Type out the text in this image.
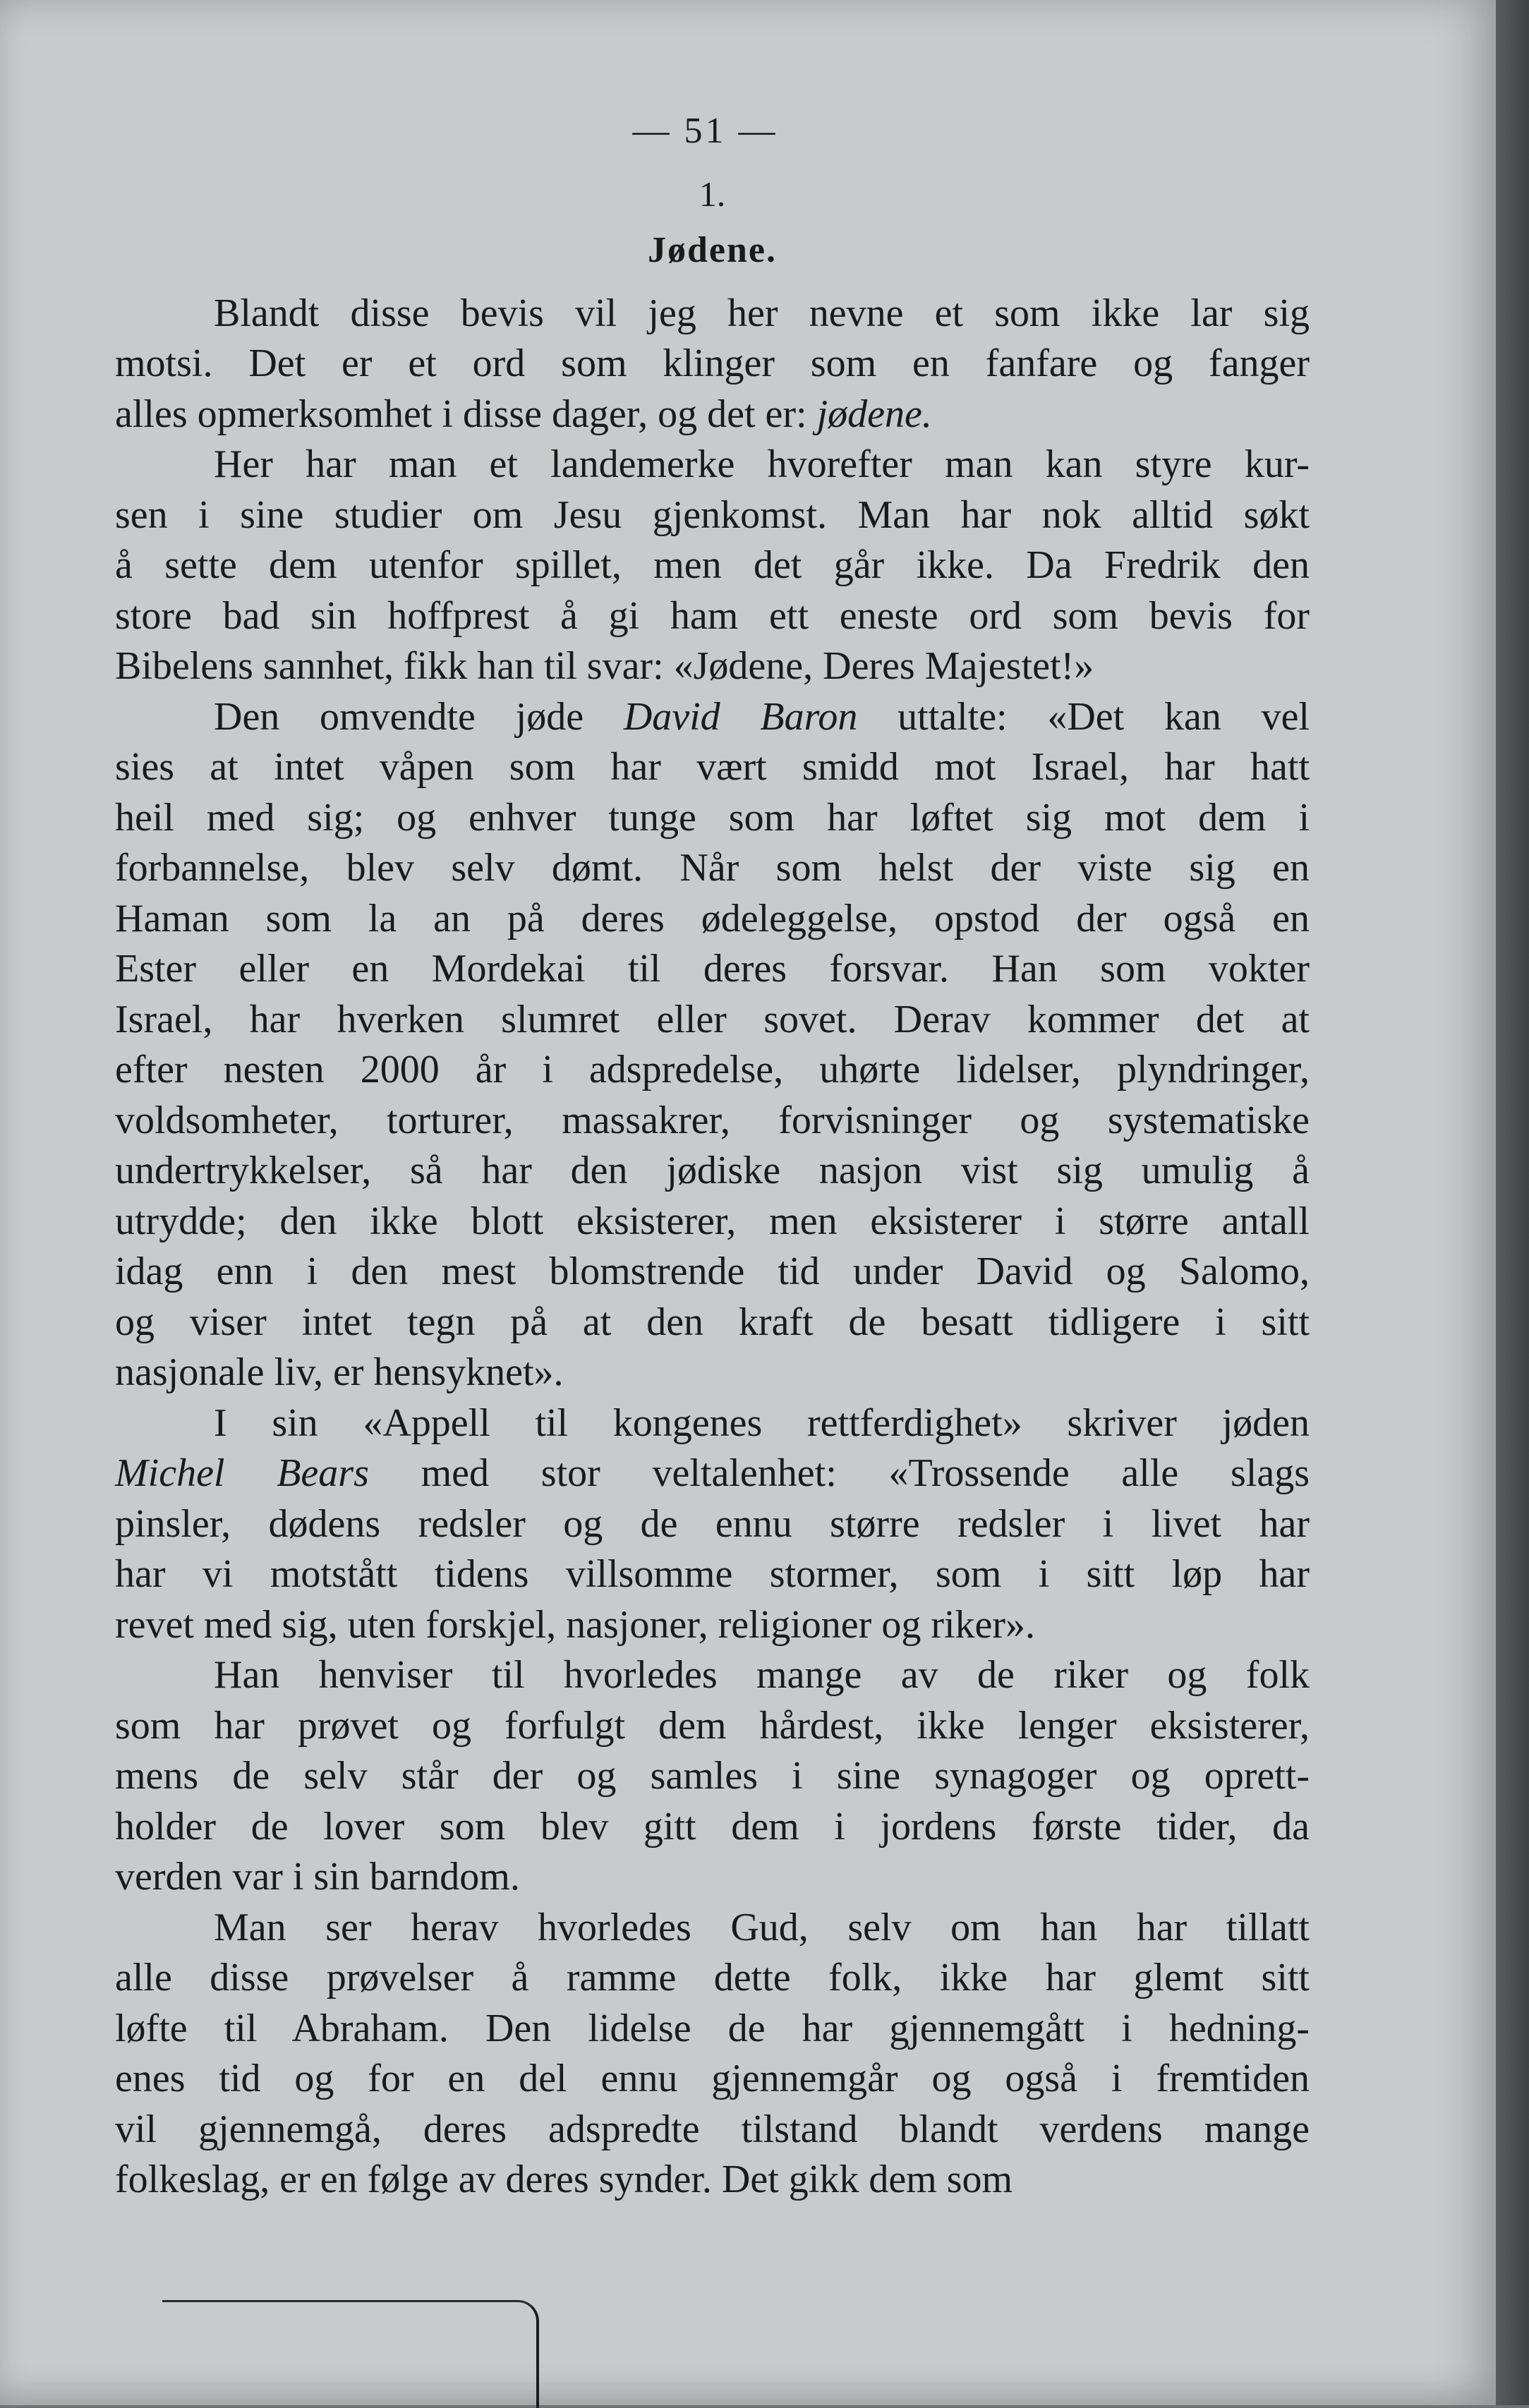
— 51 —
1.
Jødene.
Blandt disse bevis vil jeg her nevne et som ikke lar sig
motsi. Det er et ord som klinger som en fanfare og fanger
alles opmerksomhet i disse dager, og det er: jødene.
Her har man et landemerke hvorefter man kan styre kur-
sen i sine studier om Jesu gjenkomst. Man har nok alltid søkt
å sette dem utenfor spillet, men det går ikke. Da Fredrik den
store bad sin hoffprest å gi ham ett eneste ord som bevis for
Bibelens sannhet, fikk han til svar: «Jødene, Deres Majestet!»
Den omvendte jøde David Baron uttalte: «Det kan vel
sies at intet våpen som har vært smidd mot Israel, har hatt
heil med sig; og enhver tunge som har løftet sig mot dem i
forbannelse, blev selv dømt. Når som helst der viste sig en
Haman som la an på deres ødeleggelse, opstod der også en
Ester eller en Mordekai til deres forsvar. Han som vokter
Israel, har hverken slumret eller sovet. Derav kommer det at
efter nesten 2000 år i adspredelse, uhørte lidelser, plyndringer,
voldsomheter, torturer, massakrer, forvisninger og systematiske
undertrykkelser, så har den jødiske nasjon vist sig umulig å
utrydde; den ikke blott eksisterer, men eksisterer i større antall
idag enn i den mest blomstrende tid under David og Salomo,
og viser intet tegn på at den kraft de besatt tidligere i sitt
nasjonale liv, er hensyknet».
I sin «Appell til kongenes rettferdighet» skriver jøden
Michel Bears med stor veltalenhet: «Trossende alle slags
pinsler, dødens redsler og de ennu større redsler i livet har
har vi motstått tidens villsomme stormer, som i sitt løp har
revet med sig, uten forskjel, nasjoner, religioner og riker».
Han henviser til hvorledes mange av de riker og folk
som har prøvet og forfulgt dem hårdest, ikke lenger eksisterer,
mens de selv står der og samles i sine synagoger og oprett-
holder de lover som blev gitt dem i jordens første tider, da
verden var i sin barndom.
Man ser herav hvorledes Gud, selv om han har tillatt
alle disse prøvelser å ramme dette folk, ikke har glemt sitt
løfte til Abraham. Den lidelse de har gjennemgått i hedning-
enes tid og for en del ennu gjennemgår og også i fremtiden
vil gjennemgå, deres adspredte tilstand blandt verdens mange
folkeslag, er en følge av deres synder. Det gikk dem som
